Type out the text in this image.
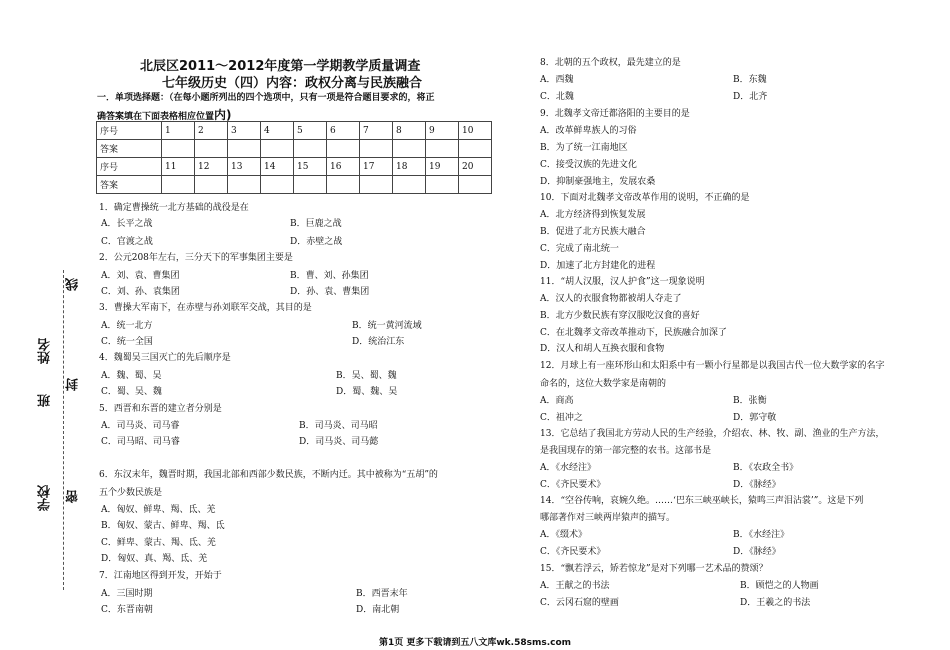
线
姓名
封
班
学校 密
北辰区2011～2012年度第一学期教学质量调查
七年级历史（四）内容：政权分离与民族融合
一．单项选择题：（在每小题所列出的四个选项中，只有一项是符合题目要求的，将正
确答案填在下面表格相应位置内)
序号	1	2	3	4	5	6	7	8	9	10
答案										
序号	11	12	13	14	15	16	17	18	19	20
答案										
1．确定曹操统一北方基础的战役是在
A．长平之战	B．巨鹿之战
C．官渡之战	D．赤壁之战
2．公元208年左右，三分天下的军事集团主要是
A．刘、袁、曹集团	B．曹、刘、孙集团
C．刘、孙、袁集团	D．孙、袁、曹集团
3．曹操大军南下，在赤壁与孙刘联军交战，其目的是
A．统一北方	B．统一黄河流域
C．统一全国	D．统治江东
4．魏蜀吴三国灭亡的先后顺序是
A．魏、蜀、吴	B．吴、蜀、魏
C．蜀、吴、魏	D．蜀、魏、吴
5．西晋和东晋的建立者分别是
A．司马炎、司马睿	B．司马炎、司马昭
C．司马昭、司马睿	D．司马炎、司马懿
6．东汉末年，魏晋时期，我国北部和西部少数民族，不断内迁。其中被称为“五胡”的
五个少数民族是
A．匈奴、鲜卑、羯、氐、羌
B．匈奴、蒙古、鲜卑、羯、氐
C．鲜卑、蒙古、羯、氐、羌
D．匈奴、真、羯、氐、羌
7．江南地区得到开发，开始于
A．三国时期	B．西晋末年
C．东晋南朝	D．南北朝
8．北朝的五个政权，最先建立的是
A．西魏	B．东魏
C．北魏	D．北齐
9．北魏孝文帝迁都洛阳的主要目的是
A．改革鲜卑族人的习俗
B．为了统一江南地区
C．接受汉族的先进文化
D．抑制豪强地主，发展农桑
10．下面对北魏孝文帝改革作用的说明，不正确的是
A．北方经济得到恢复发展
B．促进了北方民族大融合
C．完成了南北统一
D．加速了北方封建化的进程
11．“胡人汉服，汉人护食”这一现象说明
A．汉人的衣服食物都被胡人夺走了
B．北方少数民族有穿汉服吃汉食的喜好
C．在北魏孝文帝改革推动下，民族融合加深了
D．汉人和胡人互换衣服和食物
12．月球上有一座环形山和太阳系中有一颗小行星都是以我国古代一位大数学家的名字
命名的，这位大数学家是南朝的
A．商高	B．张衡
C．祖冲之	D．郭守敬
13．它总结了我国北方劳动人民的生产经验，介绍农、林、牧、副、渔业的生产方法，
是我国现存的第一部完整的农书。这部书是
A．《水经注》	B．《农政全书》
C．《齐民要术》	D．《脉经》
14．“空谷传响，哀婉久绝。……‘巴东三峡巫峡长，猿鸣三声泪沾裳’”。这是下列
哪部著作对三峡两岸猿声的描写。
A．《缀术》	B．《水经注》
C．《齐民要术》	D．《脉经》
15．“飘若浮云，矫若惊龙”是对下列哪一艺术品的赞颂？
A．王献之的书法	B．顾恺之的人物画
C．云冈石窟的壁画	D．王羲之的书法
第1页 更多下载请到五八文库wk.58sms.com
